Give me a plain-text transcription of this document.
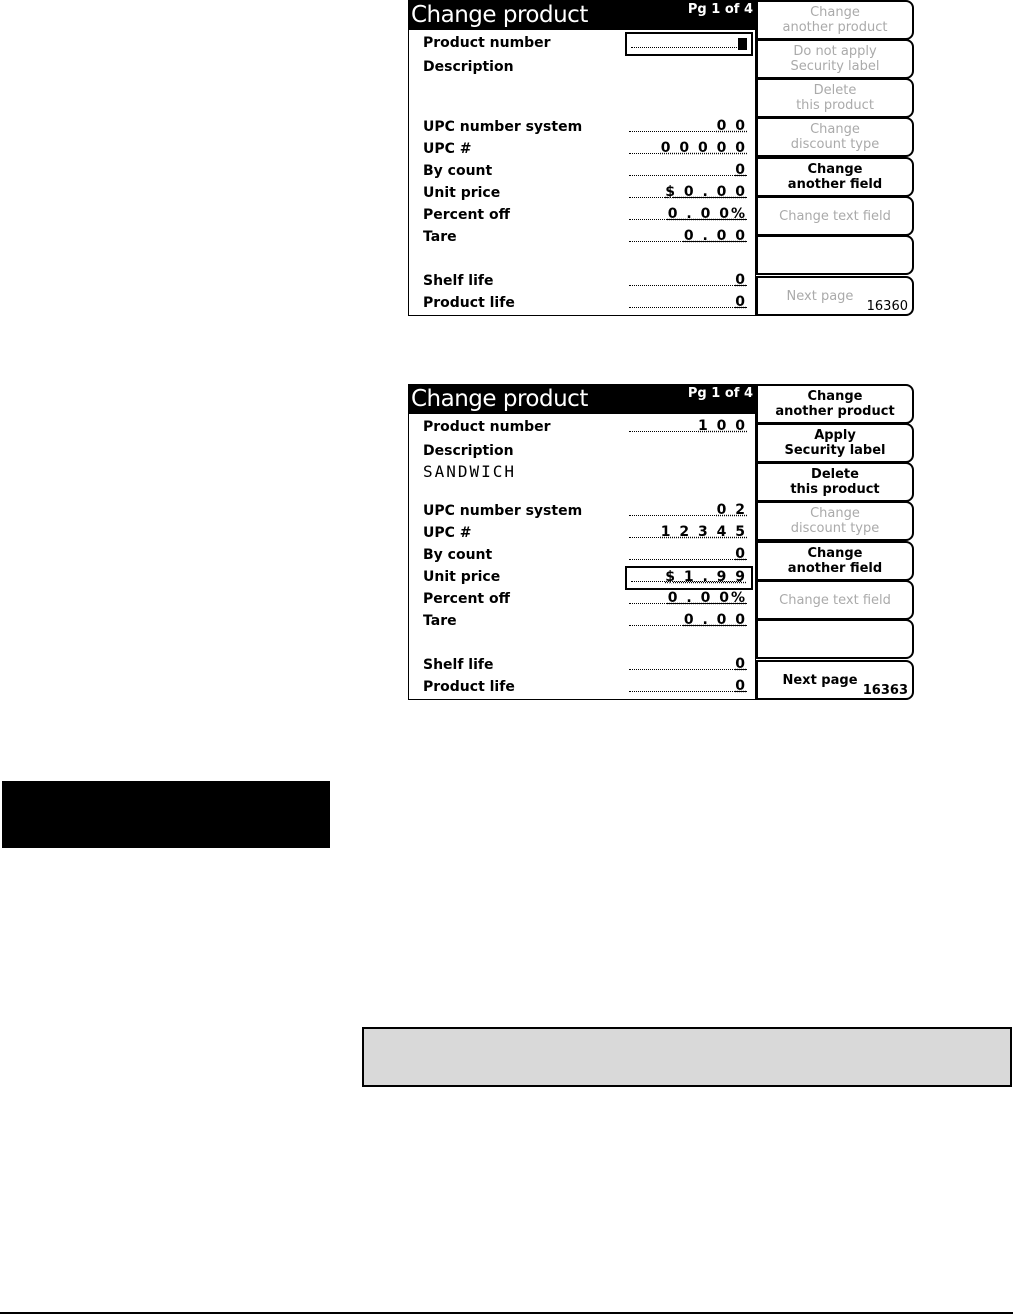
Change product	Pg 1 of 4
Product number
Description
UPC number system	0 0
UPC #	0 0 0 0 0
By count	0
Unit price	$ 0 . 0 0
Percent off	0 . 0 0%
Tare	0 . 0 0
Shelf life	0
Product life	0
Change
another product
Do not apply
Security label
Delete
this product
Change
discount type
Change
another field
Change text field
Next page
16360
Change product	Pg 1 of 4
Product number	1 0 0
Description
SANDWICH
UPC number system	0 2
UPC #	1 2 3 4 5
By count	0
Unit price	$ 1 . 9 9
Percent off	0 . 0 0%
Tare	0 . 0 0
Shelf life	0
Product life	0
Change
another product
Apply
Security label
Delete
this product
Change
discount type
Change
another field
Change text field
Next page
16363
